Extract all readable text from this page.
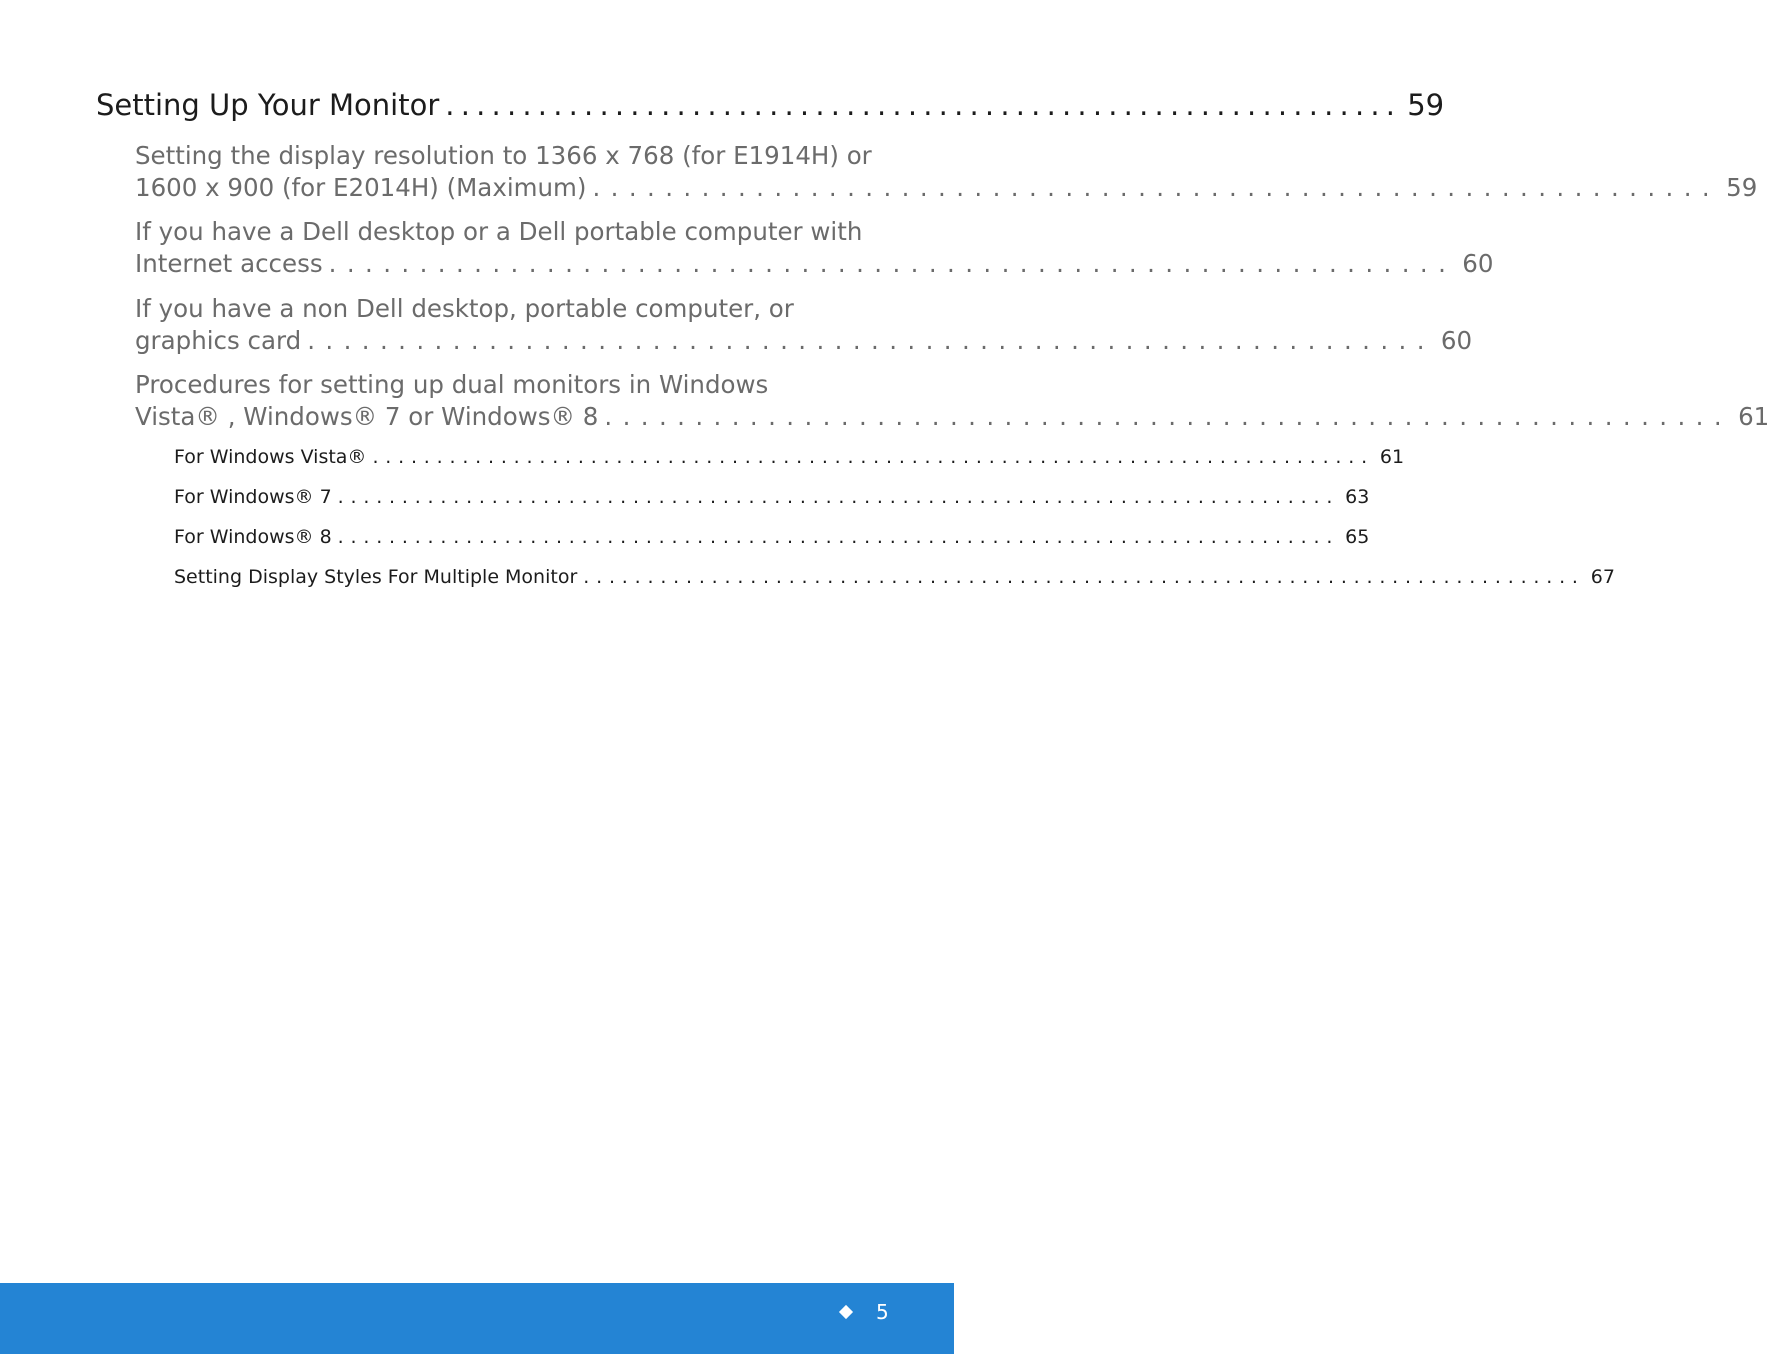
Setting Up Your Monitor .............................................................. 59
Setting the display resolution to 1366 x 768 (for E1914H) or
1600 x 900 (for E2014H) (Maximum) .............................................................. 59
If you have a Dell desktop or a Dell portable computer with
Internet access .............................................................. 60
If you have a non Dell desktop, portable computer, or
graphics card .............................................................. 60
Procedures for setting up dual monitors in Windows
Vista® , Windows® 7 or Windows® 8 .............................................................. 61
For Windows Vista® .............................................................................. 61
For Windows® 7 .............................................................................. 63
For Windows® 8 .............................................................................. 65
Setting Display Styles For Multiple Monitor .............................................................................. 67
5
